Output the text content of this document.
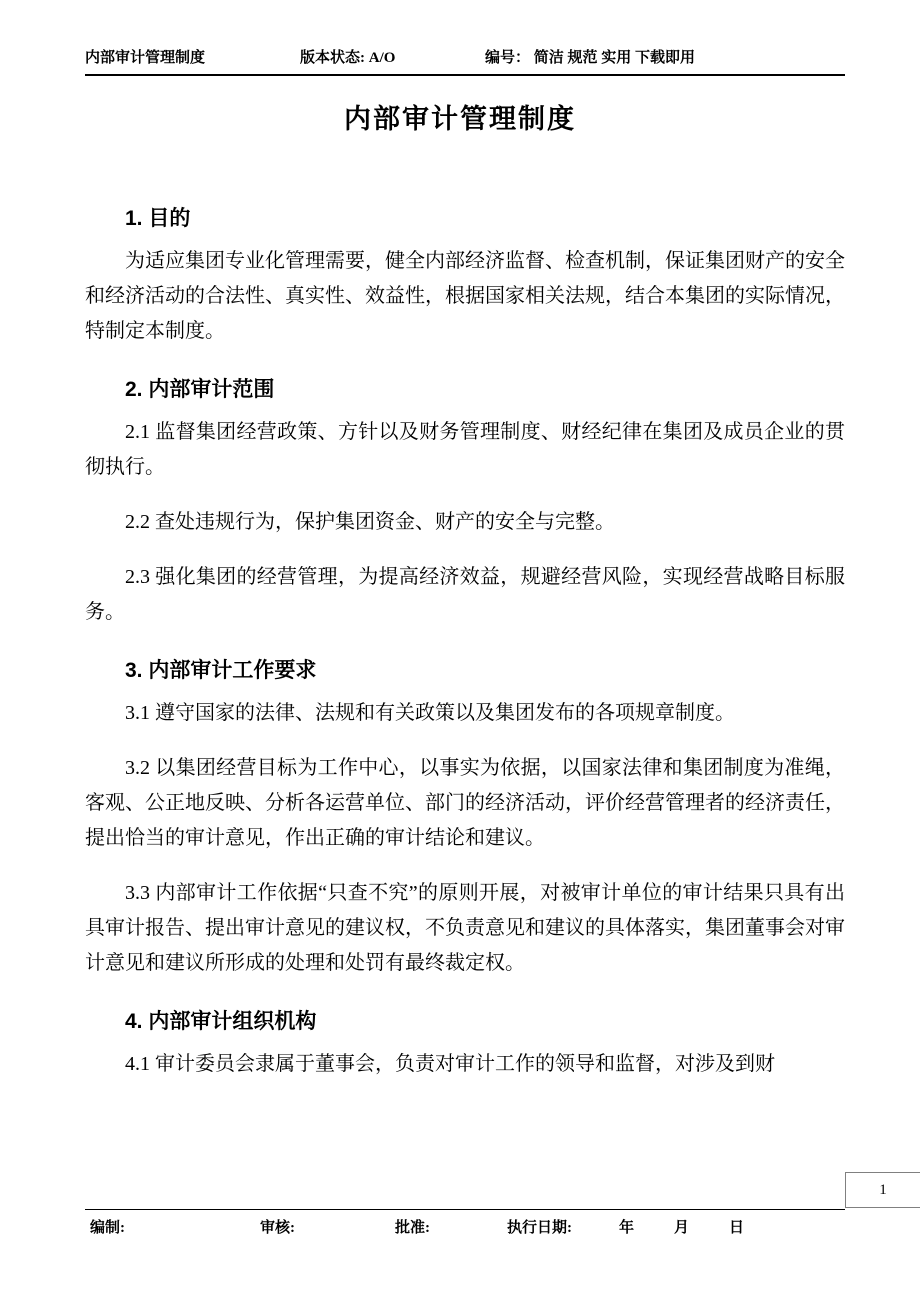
内部审计管理制度	版本状态: A/O	编号： 简洁 规范 实用 下载即用
内部审计管理制度
1. 目的

为适应集团专业化管理需要，健全内部经济监督、检查机制，保证集团财产的安全和经济活动的合法性、真实性、效益性，根据国家相关法规，结合本集团的实际情况，特制定本制度。

2. 内部审计范围

2.1 监督集团经营政策、方针以及财务管理制度、财经纪律在集团及成员企业的贯彻执行。

2.2 查处违规行为，保护集团资金、财产的安全与完整。

2.3 强化集团的经营管理，为提高经济效益，规避经营风险，实现经营战略目标服务。

3. 内部审计工作要求

3.1 遵守国家的法律、法规和有关政策以及集团发布的各项规章制度。

3.2 以集团经营目标为工作中心，以事实为依据，以国家法律和集团制度为准绳，客观、公正地反映、分析各运营单位、部门的经济活动，评价经营管理者的经济责任，提出恰当的审计意见，作出正确的审计结论和建议。

3.3 内部审计工作依据“只查不究”的原则开展，对被审计单位的审计结果只具有出具审计报告、提出审计意见的建议权，不负责意见和建议的具体落实，集团董事会对审计意见和建议所形成的处理和处罚有最终裁定权。

4. 内部审计组织机构

4.1 审计委员会隶属于董事会，负责对审计工作的领导和监督，对涉及到财

1
编制:	审核:	批准:	执行日期:	年	月	日
